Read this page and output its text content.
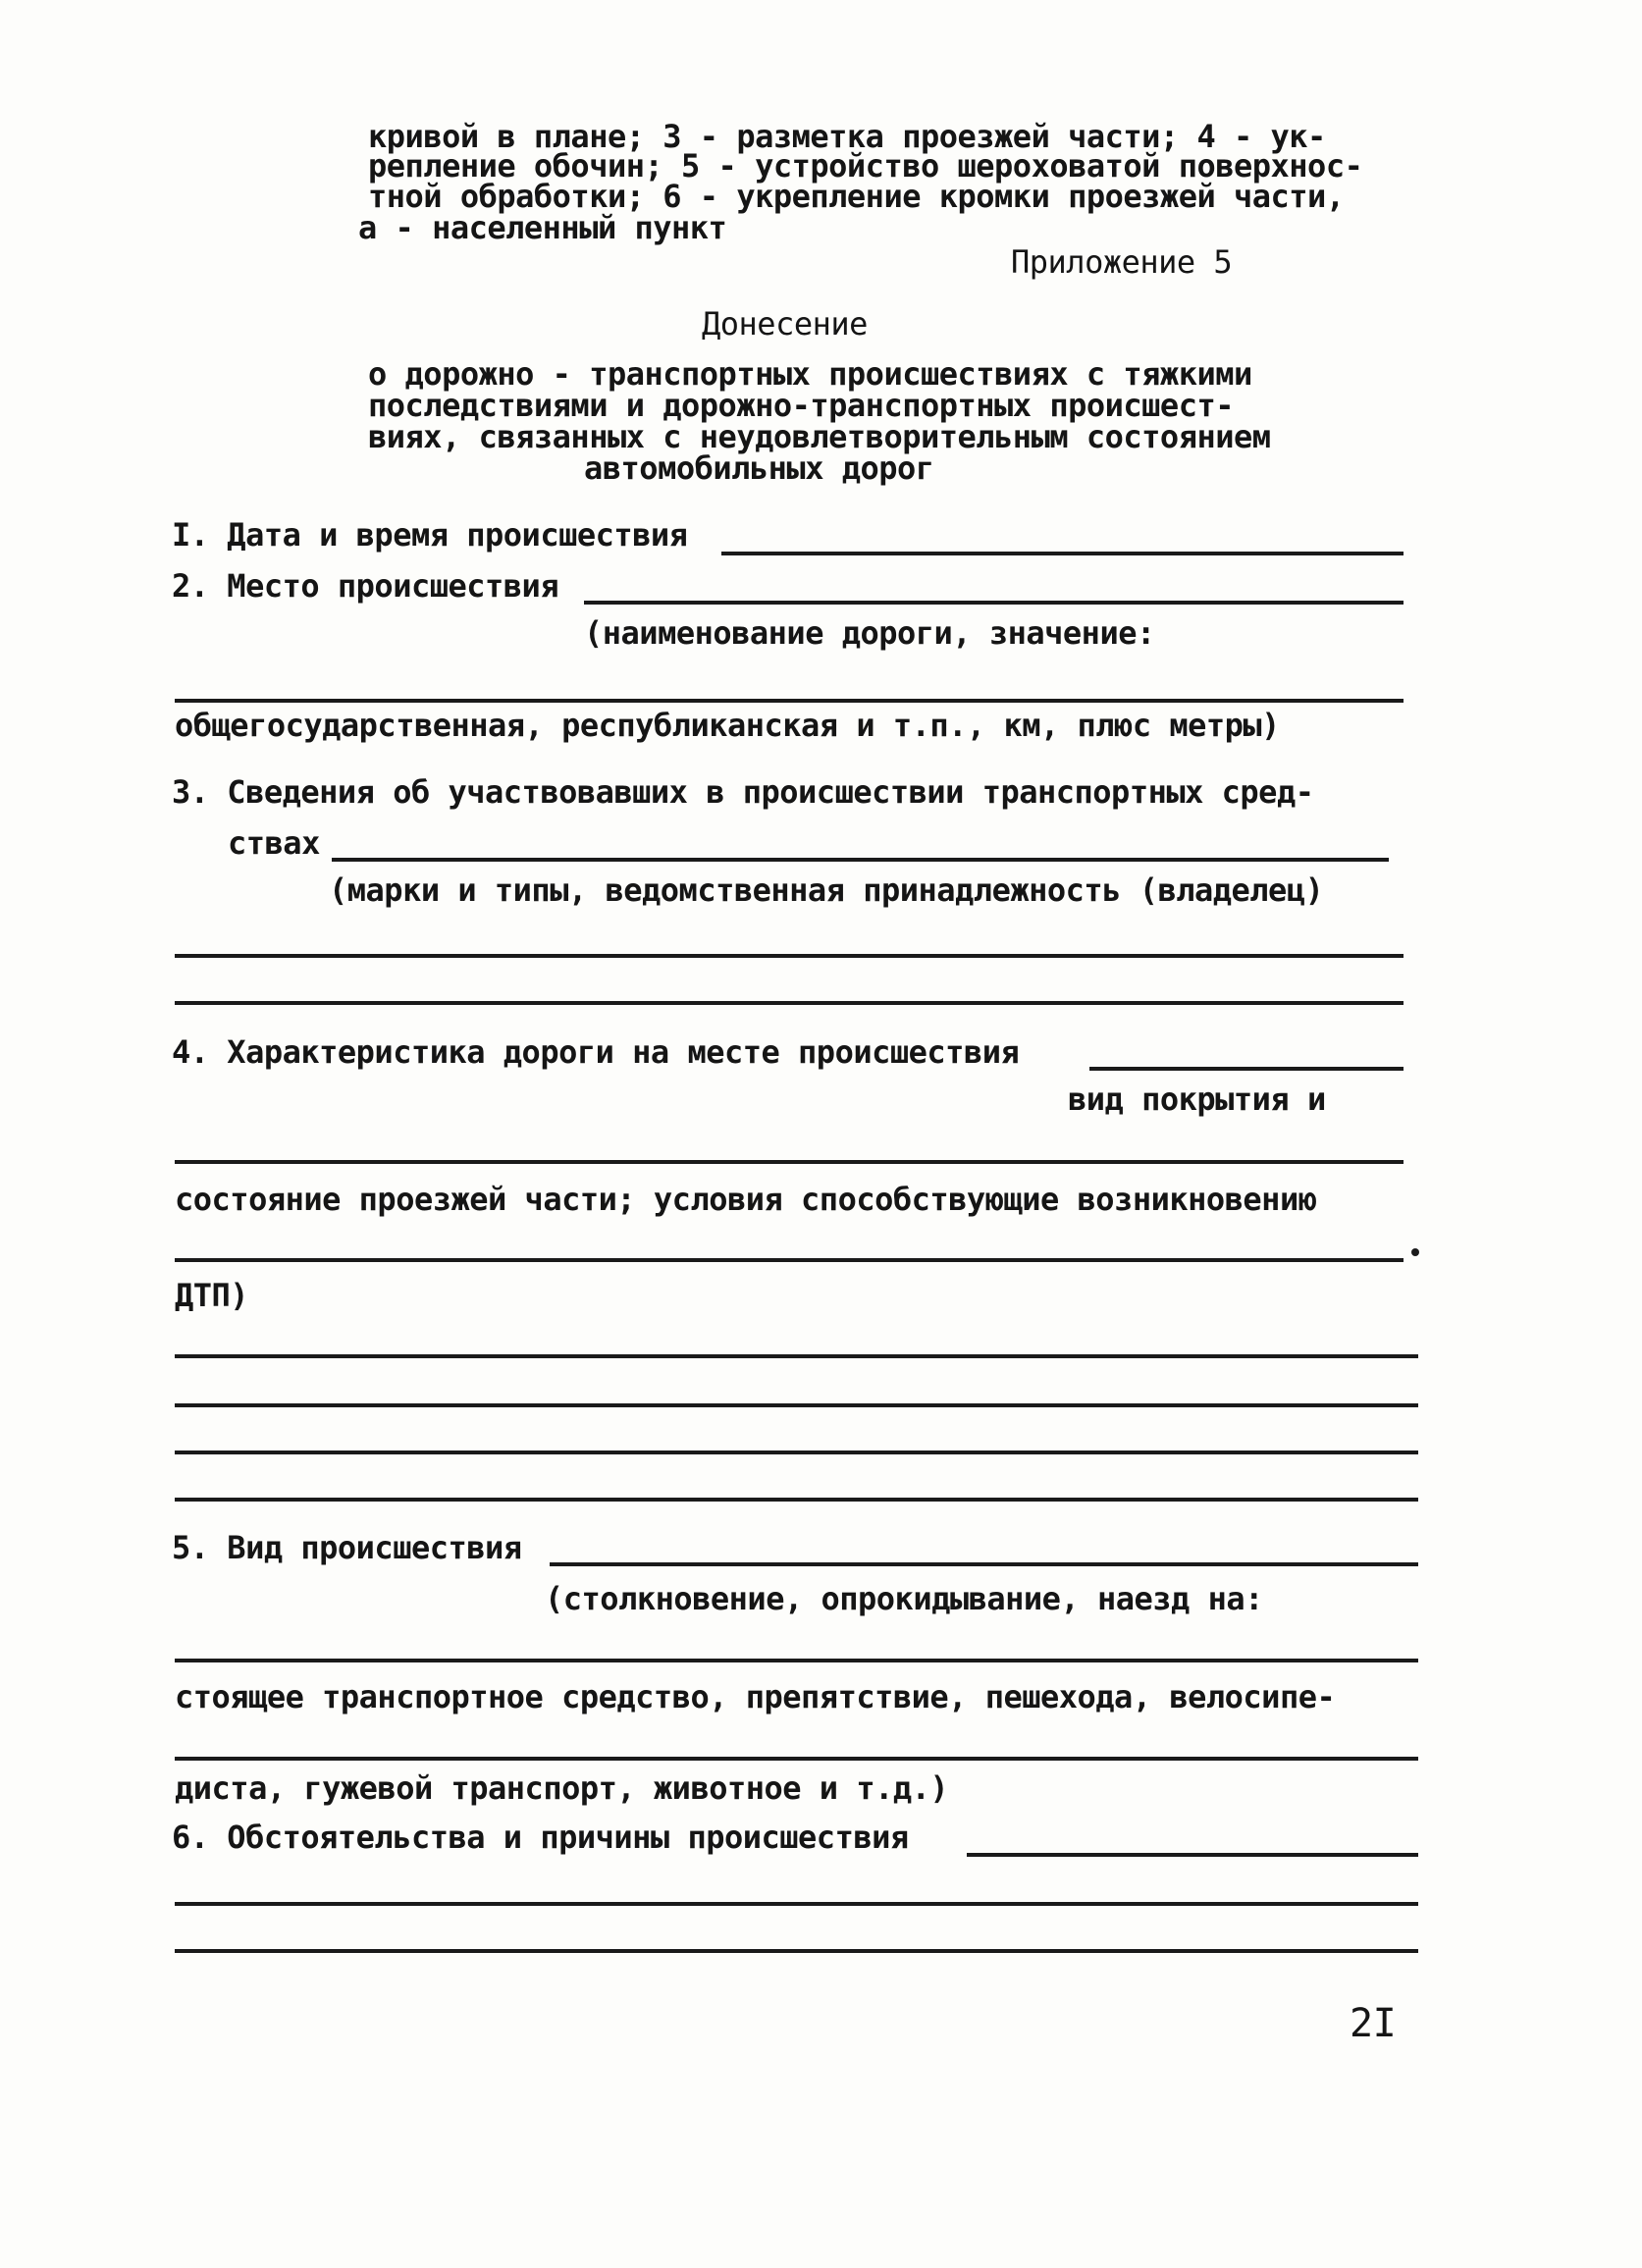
кривой в плане; 3 - разметка проезжей части; 4 - ук-
репление обочин; 5 - устройство шероховатой поверхнос-
тной обработки; 6 - укрепление кромки проезжей части,
а - населенный пункт
Приложение 5
Донесение
о дорожно - транспортных происшествиях с тяжкими
последствиями и дорожно-транспортных происшест-
виях, связанных с неудовлетворительным состоянием
автомобильных дорог
I. Дата и время происшествия
2. Место происшествия
(наименование дороги, значение:
общегосударственная, республиканская и т.п., км, плюс метры)
3. Сведения об участвовавших в происшествии транспортных сред-
ствах
(марки и типы, ведомственная принадлежность (владелец)
4. Характеристика дороги на месте происшествия
вид покрытия и
состояние проезжей части; условия способствующие возникновению
ДТП)
5. Вид происшествия
(столкновение, опрокидывание, наезд на:
стоящее транспортное средство, препятствие, пешехода, велосипе-
диста, гужевой транспорт, животное и т.д.)
6. Обстоятельства и причины происшествия
2I
